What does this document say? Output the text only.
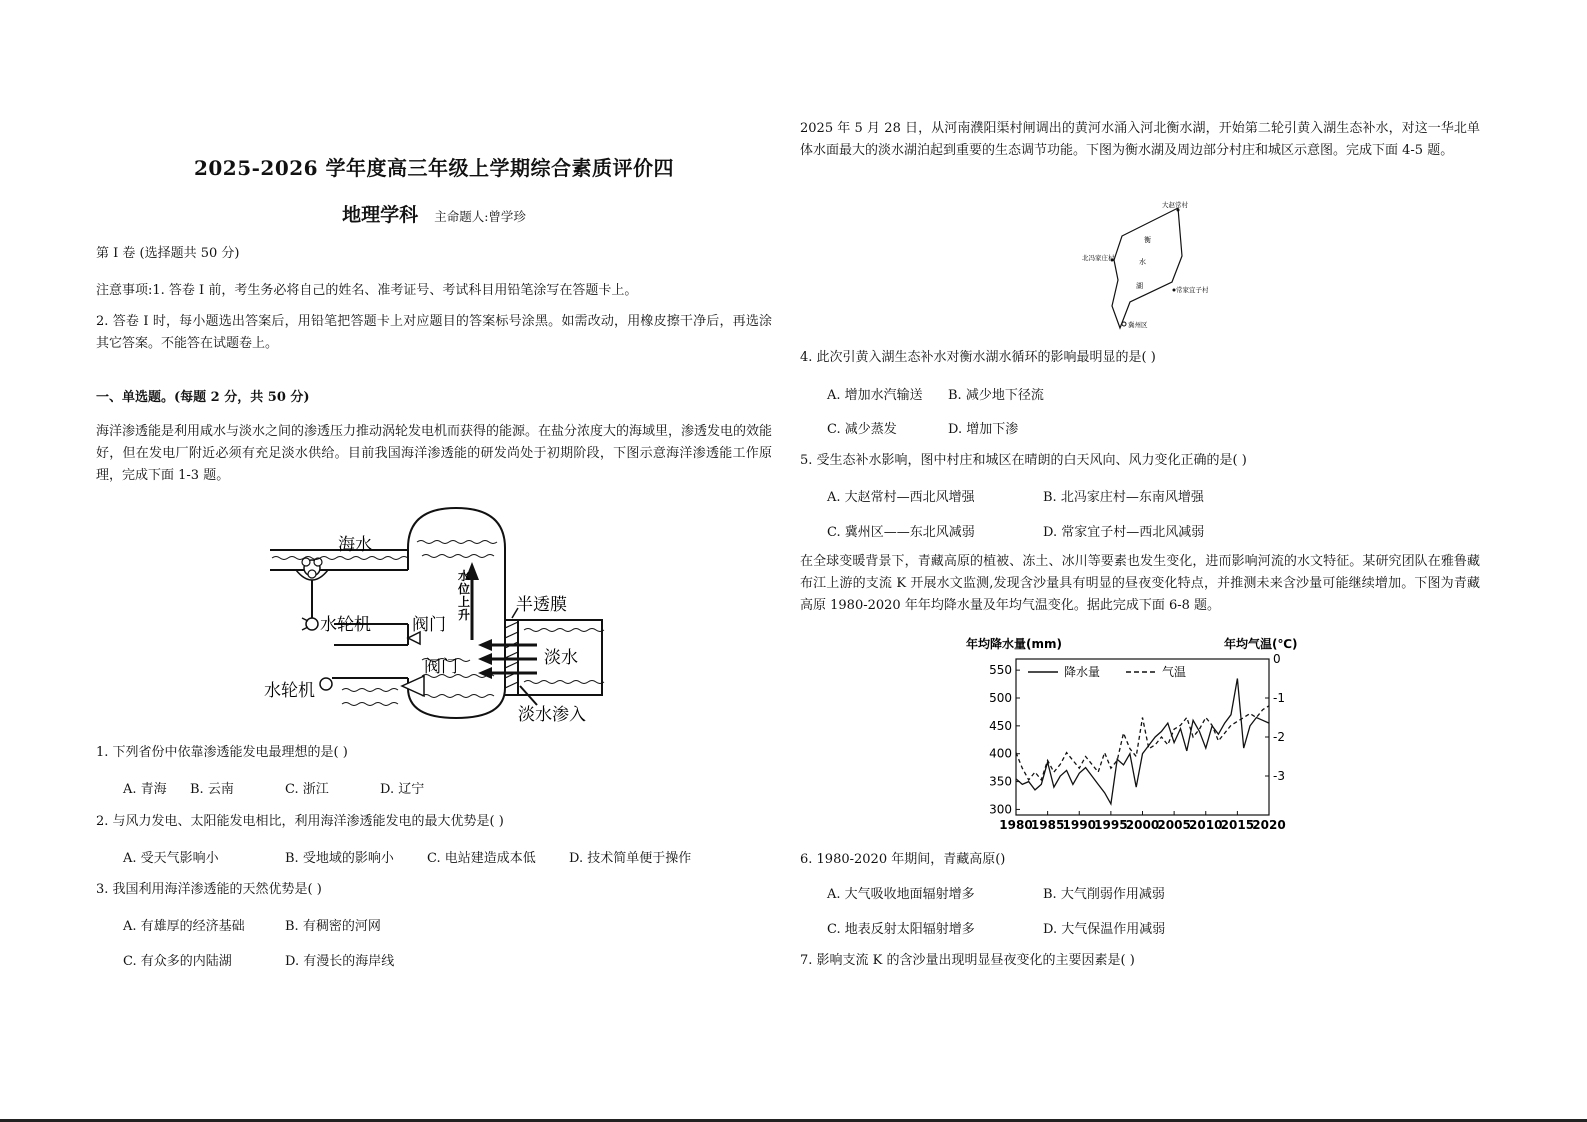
2025-2026 学年度高三年级上学期综合素质评价四
地理学科 主命题人:曾学珍
第 I 卷 (选择题共 50 分)
注意事项:1. 答卷 I 前，考生务必将自己的姓名、准考证号、考试科目用铅笔涂写在答题卡上。
2. 答卷 I 时，每小题选出答案后，用铅笔把答题卡上对应题目的答案标号涂黑。如需改动，用橡皮擦干净后，再选涂其它答案。不能答在试题卷上。
一、单选题。(每题 2 分，共 50 分)
海洋渗透能是利用咸水与淡水之间的渗透压力推动涡轮发电机而获得的能源。在盐分浓度大的海域里，渗透发电的效能好，但在发电厂附近必须有充足淡水供给。目前我国海洋渗透能的研发尚处于初期阶段，下图示意海洋渗透能工作原理，完成下面 1-3 题。
海水
水轮机
水轮机
阀门
阀门
半透膜
淡水
淡水渗入
水位上升
1. 下列省份中依靠渗透能发电最理想的是( )
A. 青海 B. 云南	C. 浙江	D. 辽宁
2. 与风力发电、太阳能发电相比，利用海洋渗透能发电的最大优势是( )
A. 受天气影响小	B. 受地域的影响小	C. 电站建造成本低	D. 技术简单便于操作
3. 我国利用海洋渗透能的天然优势是( )
A. 有雄厚的经济基础	B. 有稠密的河网
C. 有众多的内陆湖	D. 有漫长的海岸线
2025 年 5 月 28 日，从河南濮阳渠村闸调出的黄河水涌入河北衡水湖，开始第二轮引黄入湖生态补水，对这一华北单体水面最大的淡水湖泊起到重要的生态调节功能。下图为衡水湖及周边部分村庄和城区示意图。完成下面 4-5 题。
衡
水
湖
大赵常村
北冯家庄村
常家宜子村
冀州区
4. 此次引黄入湖生态补水对衡水湖水循环的影响最明显的是( )
A. 增加水汽输送 B. 减少地下径流
C. 减少蒸发	D. 增加下渗
5. 受生态补水影响，图中村庄和城区在晴朗的白天风向、风力变化正确的是( )
A. 大赵常村—西北风增强	B. 北冯家庄村—东南风增强
C. 冀州区——东北风减弱	D. 常家宜子村—西北风减弱
在全球变暖背景下，青藏高原的植被、冻土、冰川等要素也发生变化，进而影响河流的水文特征。某研究团队在雅鲁藏布江上游的支流 K 开展水文监测,发现含沙量具有明显的昼夜变化特点，并推测未来含沙量可能继续增加。下图为青藏高原 1980-2020 年年均降水量及年均气温变化。据此完成下面 6-8 题。
年均降水量(mm)	年均气温(℃)
降水量	气温
1980
1985
1990
1995
2000
2005
2010
2015
2020
300
350
400
450
500
550
0
-1
-2
-3
6. 1980-2020 年期间，青藏高原()
A. 大气吸收地面辐射增多	B. 大气削弱作用减弱
C. 地表反射太阳辐射增多	D. 大气保温作用减弱
7. 影响支流 K 的含沙量出现明显昼夜变化的主要因素是( )
